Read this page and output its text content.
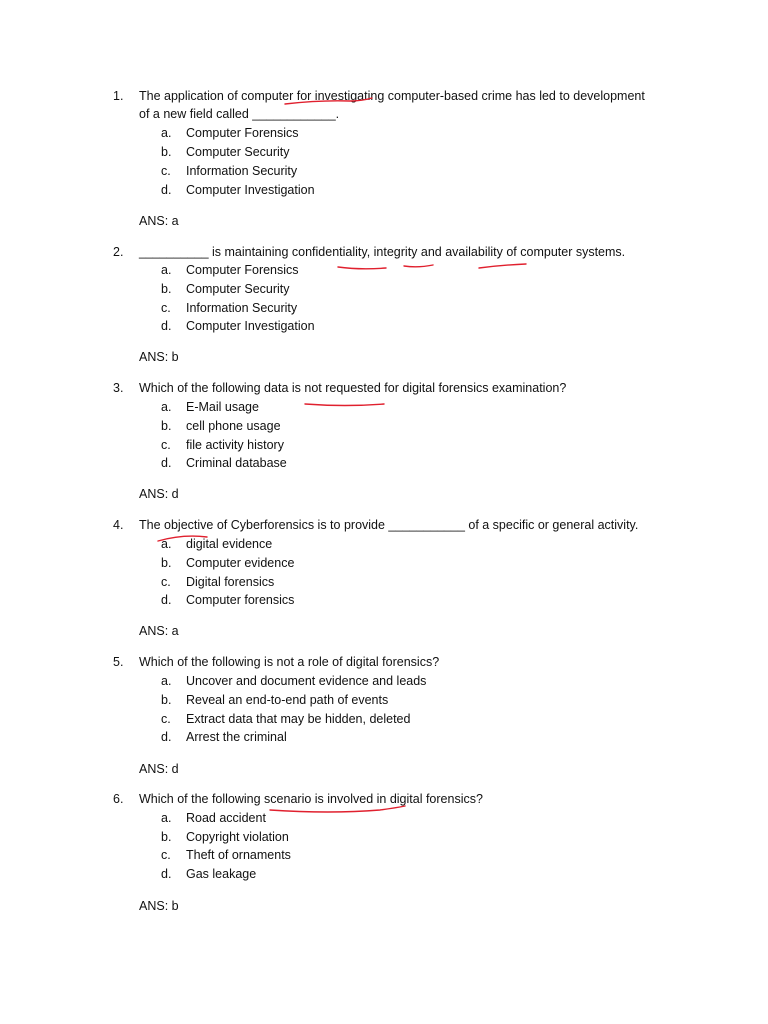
1. The application of computer for investigating computer-based crime has led to development
of a new field called ____________.
a. Computer Forensics
b. Computer Security
c. Information Security
d. Computer Investigation
ANS: a
2. __________ is maintaining confidentiality, integrity and availability of computer systems.
a. Computer Forensics
b. Computer Security
c. Information Security
d. Computer Investigation
ANS: b
3. Which of the following data is not requested for digital forensics examination?
a. E-Mail usage
b. cell phone usage
c. file activity history
d. Criminal database
ANS: d
4. The objective of Cyberforensics is to provide ___________ of a specific or general activity.
a. digital evidence
b. Computer evidence
c. Digital forensics
d. Computer forensics
ANS: a
5. Which of the following is not a role of digital forensics?
a. Uncover and document evidence and leads
b. Reveal an end-to-end path of events
c. Extract data that may be hidden, deleted
d. Arrest the criminal
ANS: d
6. Which of the following scenario is involved in digital forensics?
a. Road accident
b. Copyright violation
c. Theft of ornaments
d. Gas leakage
ANS: b
